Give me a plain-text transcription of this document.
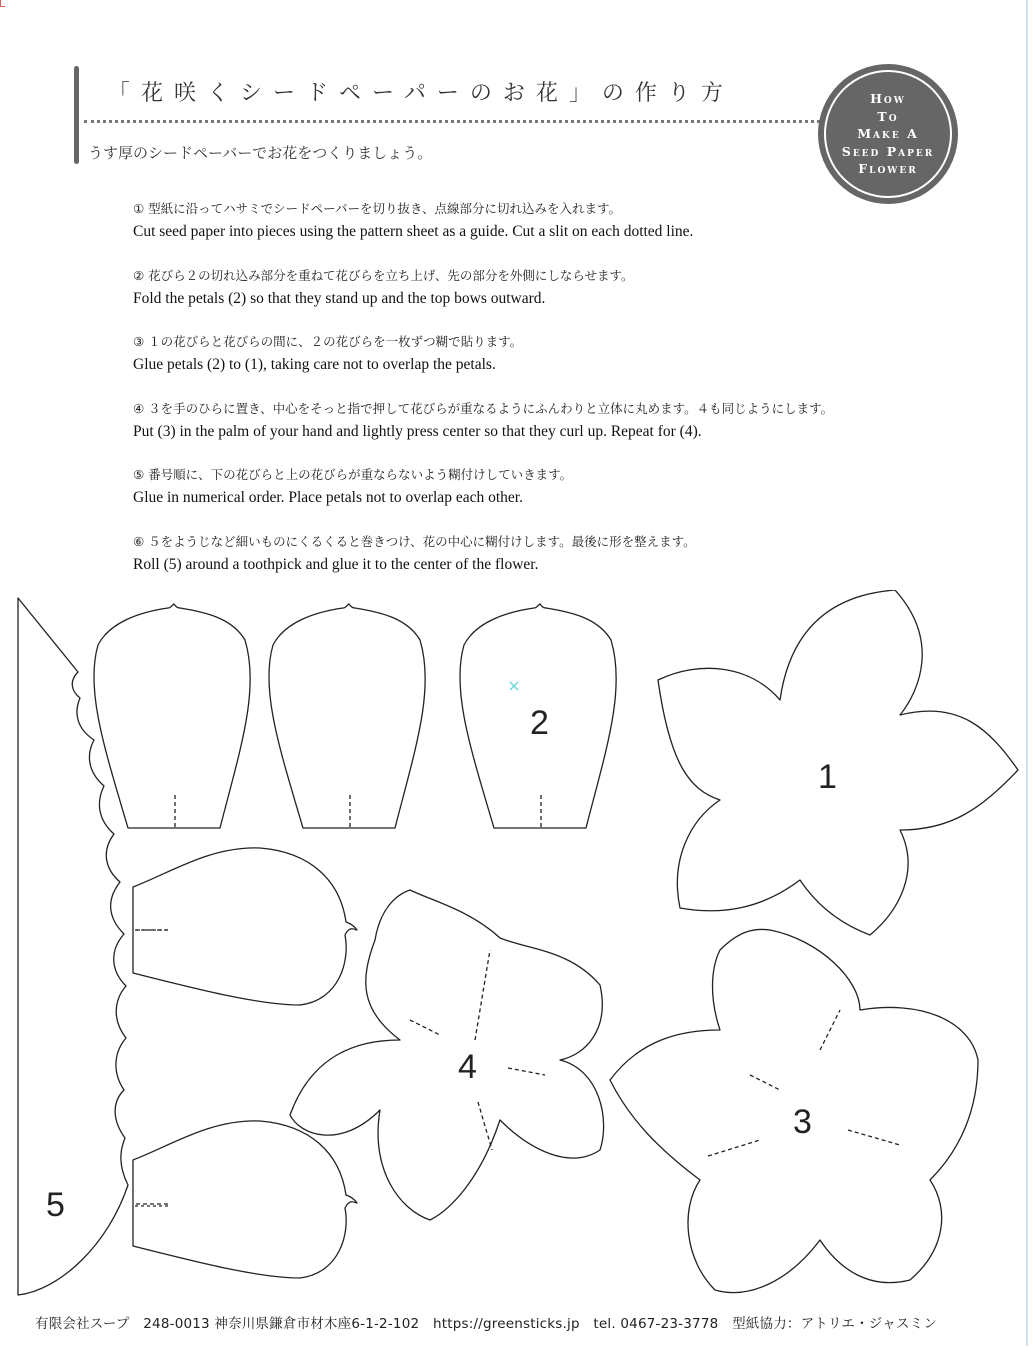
「花咲くシードペーパーのお花」の作り方
うす厚のシードペーバーでお花をつくりましょう。
How
To
Make A
Seed Paper
Flower
① 型紙に沿ってハサミでシードペーパーを切り抜き、点線部分に切れ込みを入れます。
Cut seed paper into pieces using the pattern sheet as a guide. Cut a slit on each dotted line.
② 花びら２の切れ込み部分を重ねて花びらを立ち上げ、先の部分を外側にしならせます。
Fold the petals (2) so that they stand up and the top bows outward.
③ １の花びらと花びらの間に、２の花びらを一枚ずつ糊で貼ります。
Glue petals (2) to (1), taking care not to overlap the petals.
④ ３を手のひらに置き、中心をそっと指で押して花びらが重なるようにふんわりと立体に丸めます。４も同じようにします。
Put (3) in the palm of your hand and lightly press center so that they curl up. Repeat for (4).
⑤ 番号順に、下の花びらと上の花びらが重ならないよう糊付けしていきます。
Glue in numerical order. Place petals not to overlap each other.
⑥ ５をようじなど細いものにくるくると巻きつけ、花の中心に糊付けします。最後に形を整えます。
Roll (5) around a toothpick and glue it to the center of the flower.
2
1
4
3
5
有限会社スープ　248-0013 神奈川県鎌倉市材木座6-1-2-102　https://greensticks.jp　tel. 0467-23-3778　型紙協力：アトリエ・ジャスミン
